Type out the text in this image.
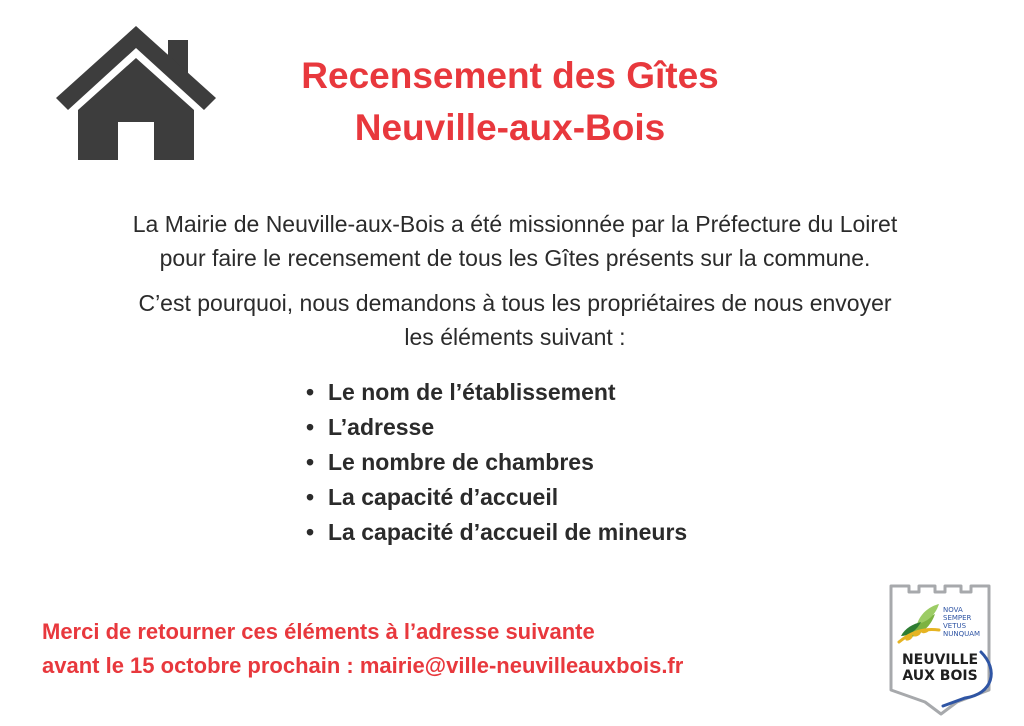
Recensement des Gîtes
Neuville-aux-Bois

La Mairie de Neuville-aux-Bois a été missionnée par la Préfecture du Loiret
pour faire le recensement de tous les Gîtes présents sur la commune.

C’est pourquoi, nous demandons à tous les propriétaires de nous envoyer
les éléments suivant :

• Le nom de l’établissement
• L’adresse
• Le nombre de chambres
• La capacité d’accueil
• La capacité d’accueil de mineurs

Merci de retourner ces éléments à l’adresse suivante
avant le 15 octobre prochain : mairie@ville-neuvilleauxbois.fr

NOVA
SEMPER
VETUS
NUNQUAM
NEUVILLE
AUX BOIS
